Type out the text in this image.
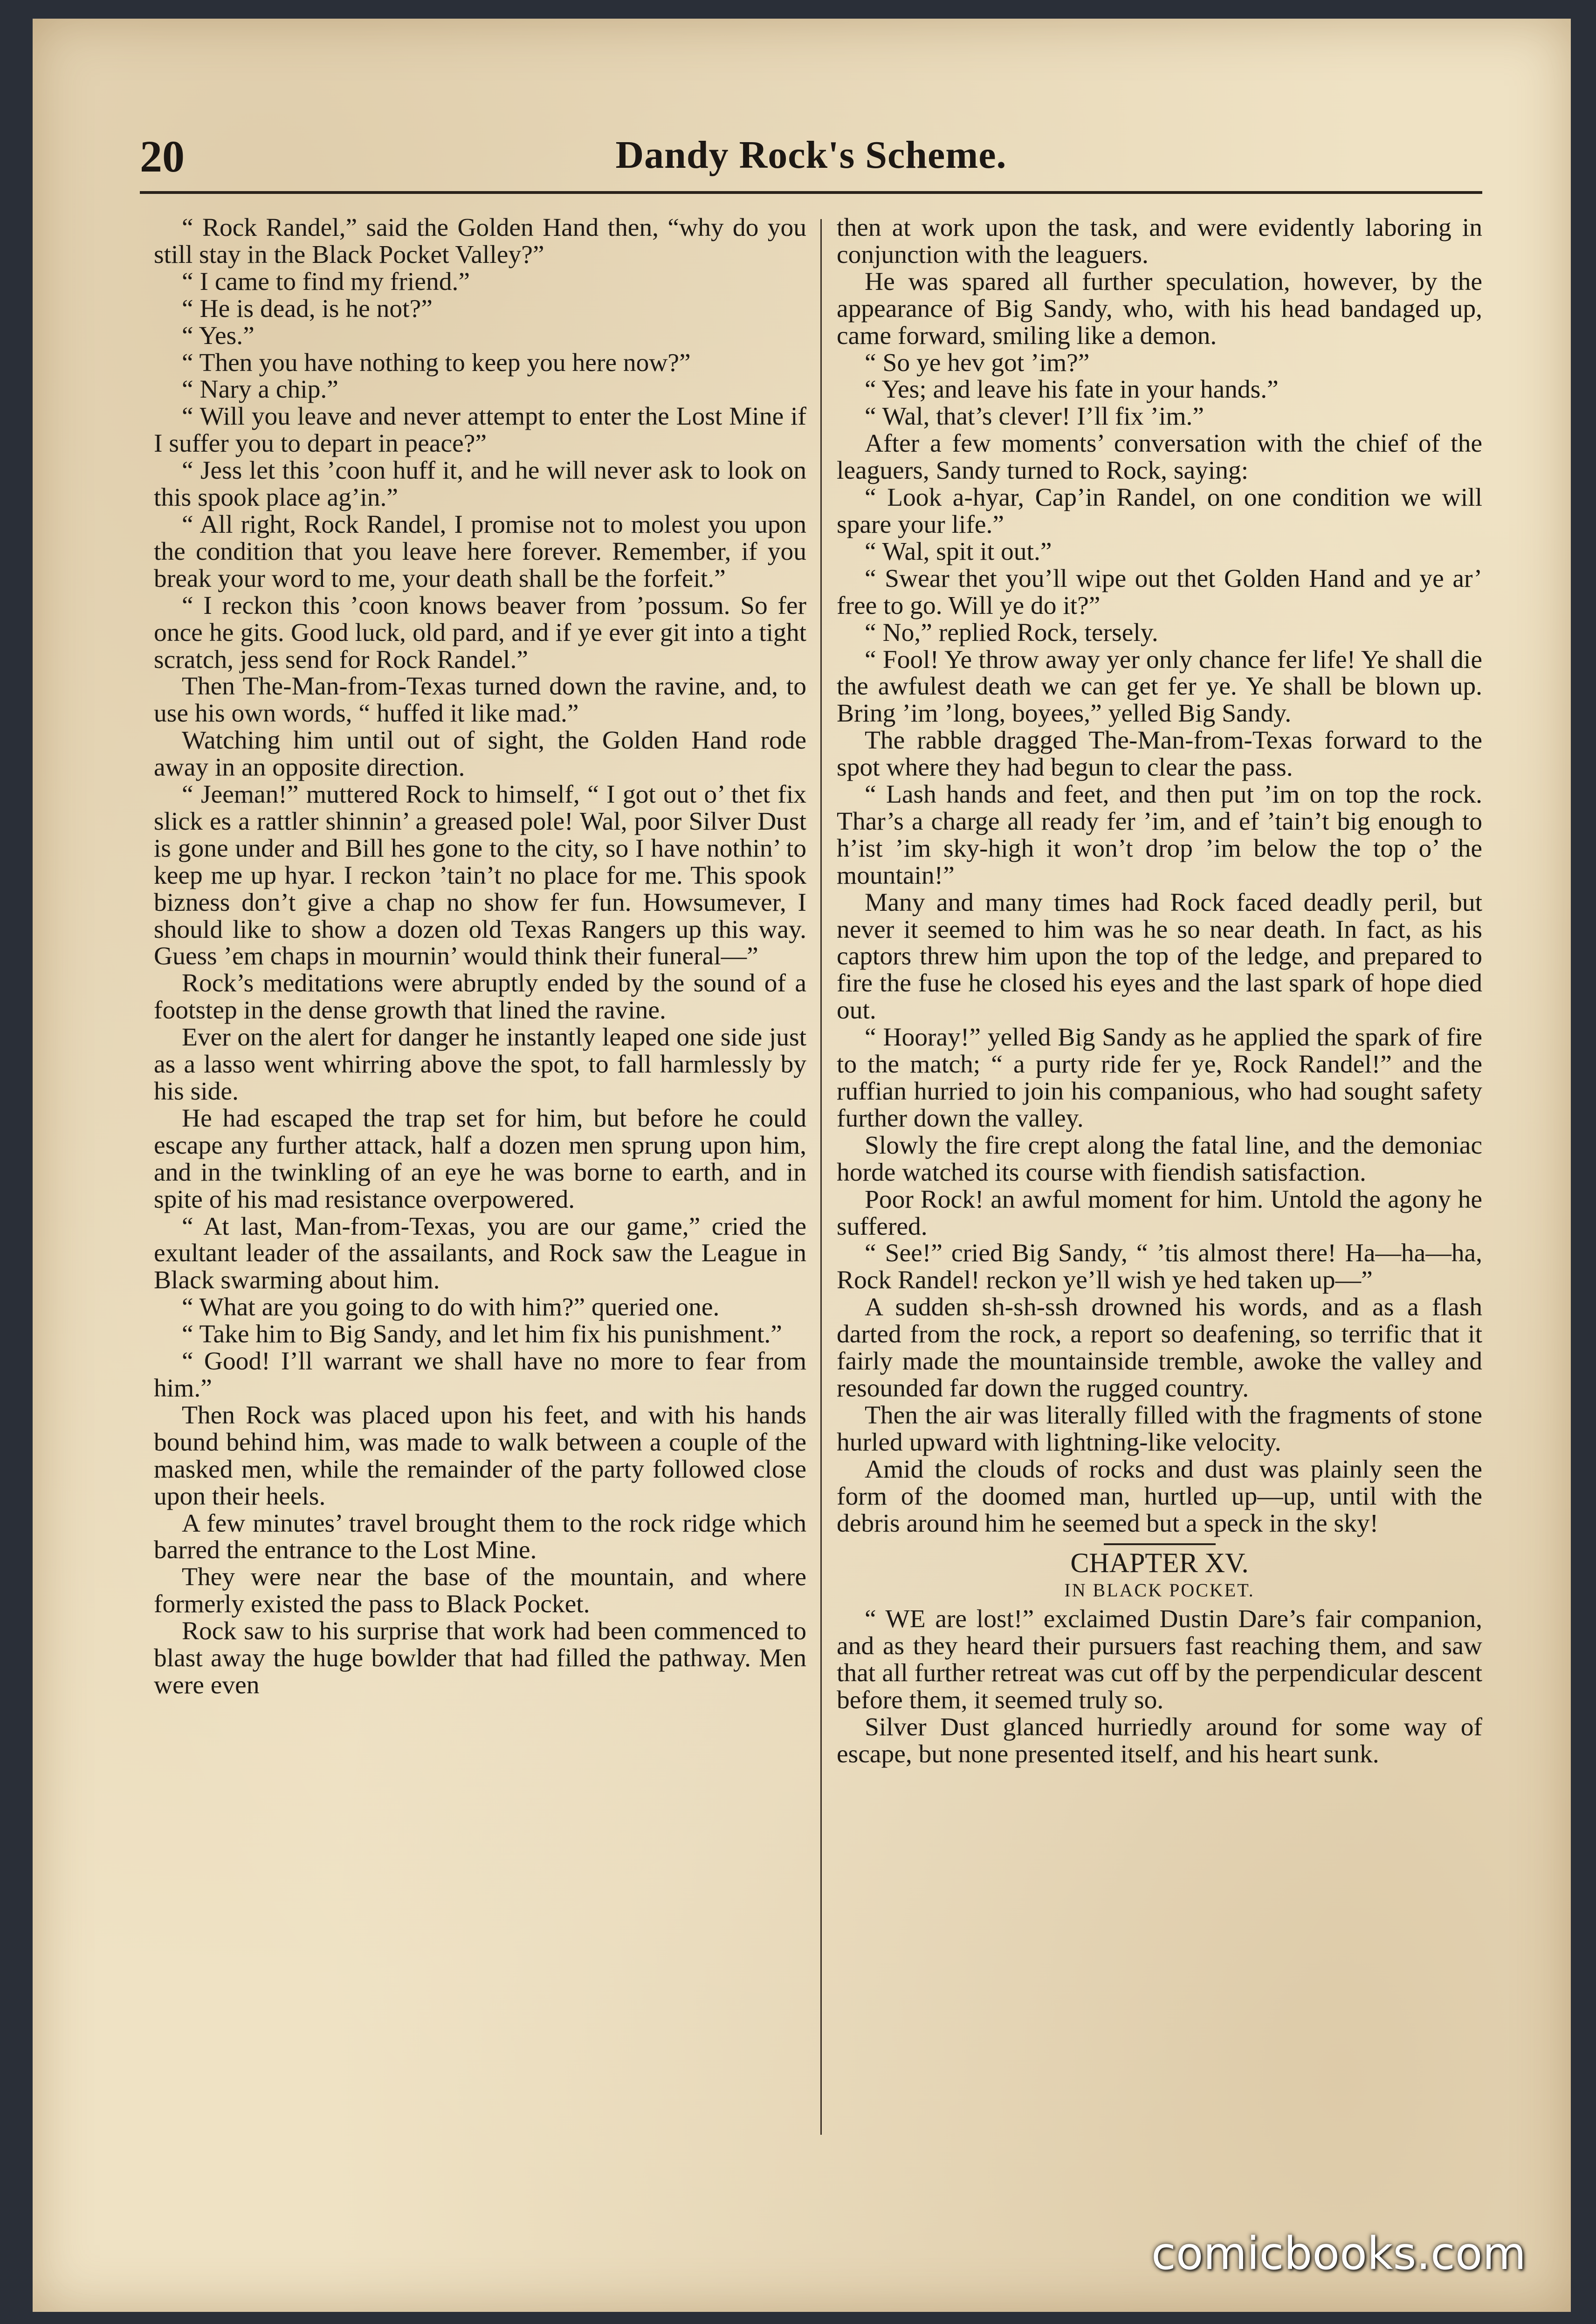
20	Dandy Rock's Scheme.

“ Rock Randel,” said the Golden Hand then, “why do you still stay in the Black Pocket Valley?”

“ I came to find my friend.”

“ He is dead, is he not?”

“ Yes.”

“ Then you have nothing to keep you here now?”

“ Nary a chip.”

“ Will you leave and never attempt to enter the Lost Mine if I suffer you to depart in peace?”

“ Jess let this ’coon huff it, and he will never ask to look on this spook place ag’in.”

“ All right, Rock Randel, I promise not to molest you upon the condition that you leave here forever. Remember, if you break your word to me, your death shall be the forfeit.”

“ I reckon this ’coon knows beaver from ’possum. So fer once he gits. Good luck, old pard, and if ye ever git into a tight scratch, jess send for Rock Randel.”

Then The-Man-from-Texas turned down the ravine, and, to use his own words, “ huffed it like mad.”

Watching him until out of sight, the Golden Hand rode away in an opposite direction.

“ Jeeman!” muttered Rock to himself, “ I got out o’ thet fix slick es a rattler shinnin’ a greased pole! Wal, poor Silver Dust is gone under and Bill hes gone to the city, so I have nothin’ to keep me up hyar. I reckon ’tain’t no place for me. This spook bizness don’t give a chap no show fer fun. Howsumever, I should like to show a dozen old Texas Rangers up this way. Guess ’em chaps in mournin’ would think their funeral—”

Rock’s meditations were abruptly ended by the sound of a footstep in the dense growth that lined the ravine.

Ever on the alert for danger he instantly leaped one side just as a lasso went whirring above the spot, to fall harmlessly by his side.

He had escaped the trap set for him, but before he could escape any further attack, half a dozen men sprung upon him, and in the twinkling of an eye he was borne to earth, and in spite of his mad resistance overpowered.

“ At last, Man-from-Texas, you are our game,” cried the exultant leader of the assailants, and Rock saw the League in Black swarming about him.

“ What are you going to do with him?” queried one.

“ Take him to Big Sandy, and let him fix his punishment.”

“ Good! I’ll warrant we shall have no more to fear from him.”

Then Rock was placed upon his feet, and with his hands bound behind him, was made to walk between a couple of the masked men, while the remainder of the party followed close upon their heels.

A few minutes’ travel brought them to the rock ridge which barred the entrance to the Lost Mine.

They were near the base of the mountain, and where formerly existed the pass to Black Pocket.

Rock saw to his surprise that work had been commenced to blast away the huge bowlder that had filled the pathway. Men were even

then at work upon the task, and were evidently laboring in conjunction with the leaguers.

He was spared all further speculation, however, by the appearance of Big Sandy, who, with his head bandaged up, came forward, smiling like a demon.

“ So ye hev got ’im?”

“ Yes; and leave his fate in your hands.”

“ Wal, that’s clever! I’ll fix ’im.”

After a few moments’ conversation with the chief of the leaguers, Sandy turned to Rock, saying:

“ Look a-hyar, Cap’in Randel, on one condition we will spare your life.”

“ Wal, spit it out.”

“ Swear thet you’ll wipe out thet Golden Hand and ye ar’ free to go. Will ye do it?”

“ No,” replied Rock, tersely.

“ Fool! Ye throw away yer only chance fer life! Ye shall die the awfulest death we can get fer ye. Ye shall be blown up. Bring ’im ’long, boyees,” yelled Big Sandy.

The rabble dragged The-Man-from-Texas forward to the spot where they had begun to clear the pass.

“ Lash hands and feet, and then put ’im on top the rock. Thar’s a charge all ready fer ’im, and ef ’tain’t big enough to h’ist ’im sky-high it won’t drop ’im below the top o’ the mountain!”

Many and many times had Rock faced deadly peril, but never it seemed to him was he so near death. In fact, as his captors threw him upon the top of the ledge, and prepared to fire the fuse he closed his eyes and the last spark of hope died out.

“ Hooray!” yelled Big Sandy as he applied the spark of fire to the match; “ a purty ride fer ye, Rock Randel!” and the ruffian hurried to join his companious, who had sought safety further down the valley.

Slowly the fire crept along the fatal line, and the demoniac horde watched its course with fiendish satisfaction.

Poor Rock! an awful moment for him. Untold the agony he suffered.

“ See!” cried Big Sandy, “ ’tis almost there! Ha—ha—ha, Rock Randel! reckon ye’ll wish ye hed taken up—”

A sudden sh-sh-ssh drowned his words, and as a flash darted from the rock, a report so deafening, so terrific that it fairly made the mountainside tremble, awoke the valley and resounded far down the rugged country.

Then the air was literally filled with the fragments of stone hurled upward with lightning-like velocity.

Amid the clouds of rocks and dust was plainly seen the form of the doomed man, hurtled up—up, until with the debris around him he seemed but a speck in the sky!

CHAPTER XV.

IN BLACK POCKET.

“ WE are lost!” exclaimed Dustin Dare’s fair companion, and as they heard their pursuers fast reaching them, and saw that all further retreat was cut off by the perpendicular descent before them, it seemed truly so.

Silver Dust glanced hurriedly around for some way of escape, but none presented itself, and his heart sunk.

comicbooks.com
